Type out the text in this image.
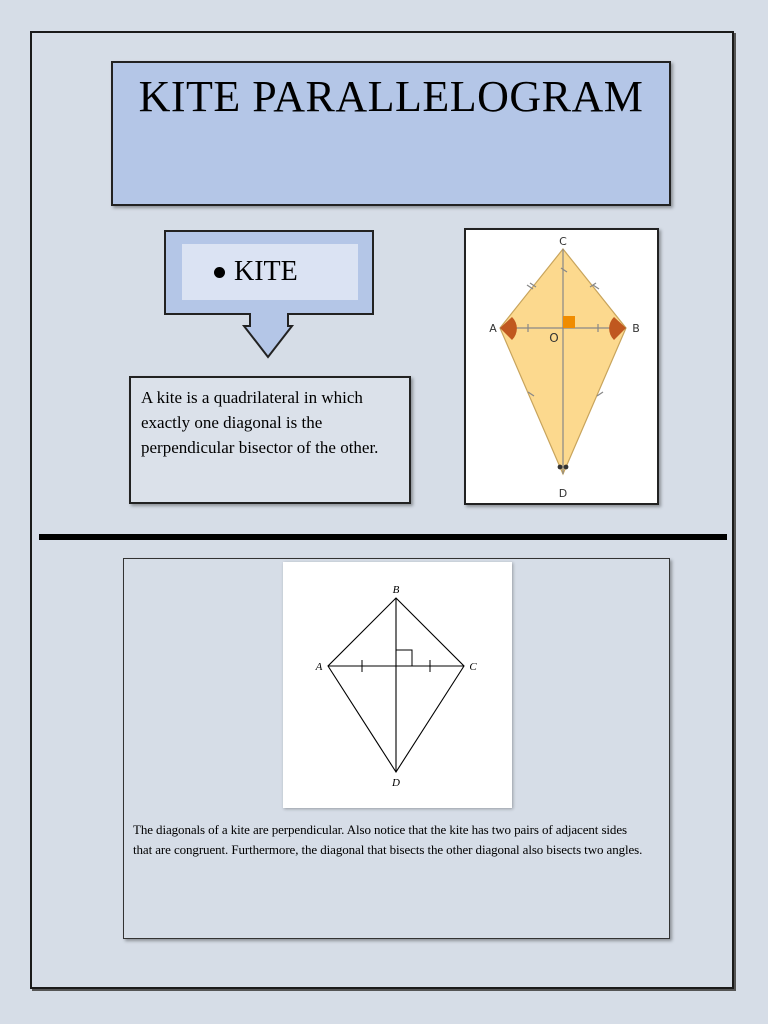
KITE PARALLELOGRAM
KITE
A kite is a quadrilateral in which exactly one diagonal is the perpendicular bisector of the other.
C
A	B
D
O
B
A	C
D
The diagonals of a kite are perpendicular. Also notice that the kite has two pairs of adjacent sides that are congruent. Furthermore, the diagonal that bisects the other diagonal also bisects two angles.
